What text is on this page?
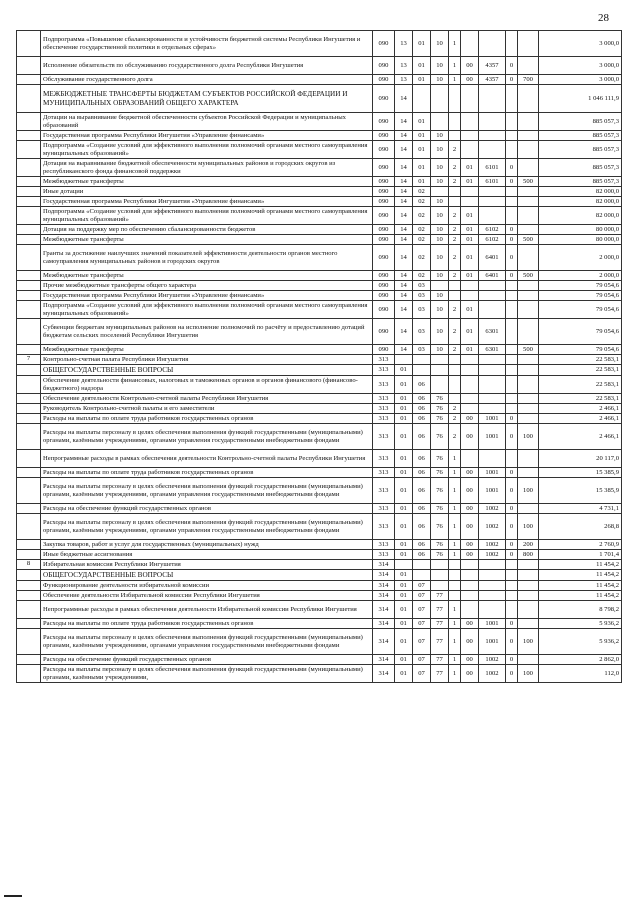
28
	Подпрограмма «Повышение сбалансированности и устойчивости бюджетной системы Республики Ингушетия и обеспечение государственной политики в отдельных сферах»	090	13	01	10	1					3 000,0
	Исполнение обязательств по обслуживанию государственного долга Республики Ингушетия	090	13	01	10	1	00	4357	0		3 000,0
	Обслуживание государственного долга	090	13	01	10	1	00	4357	0	700	3 000,0
	МЕЖБЮДЖЕТНЫЕ ТРАНСФЕРТЫ БЮДЖЕТАМ СУБЪЕКТОВ РОССИЙСКОЙ ФЕДЕРАЦИИ И МУНИЦИПАЛЬНЫХ ОБРАЗОВАНИЙ ОБЩЕГО ХАРАКТЕРА	090	14								1 046 111,9
	Дотации на выравнивание бюджетной обеспеченности субъектов Российской Федерации и муниципальных образований	090	14	01							885 057,3
	Государственная программа Республики Ингушетия «Управление финансами»	090	14	01	10						885 057,3
	Подпрограмма «Создание условий для эффективного выполнения полномочий органами местного самоуправления муниципальных образований»	090	14	01	10	2					885 057,3
	Дотация на выравнивание бюджетной обеспеченности муниципальных районов и городских округов из республиканского фонда финансовой поддержки	090	14	01	10	2	01	6101	0		885 057,3
	Межбюджетные трансферты	090	14	01	10	2	01	6101	0	500	885 057,3
	Иные дотации	090	14	02							82 000,0
	Государственная программа Республики Ингушетия «Управление финансами»	090	14	02	10						82 000,0
	Подпрограмма «Создание условий для эффективного выполнения полномочий органами местного самоуправления муниципальных образований»	090	14	02	10	2	01				82 000,0
	Дотация на поддержку мер по обеспечению сбалансированности бюджетов	090	14	02	10	2	01	6102	0		80 000,0
	Межбюджетные трансферты	090	14	02	10	2	01	6102	0	500	80 000,0
	Гранты за достижение наилучших значений показателей эффективности деятельности органов местного самоуправления муниципальных районов и городских округов	090	14	02	10	2	01	6401	0		2 000,0
	Межбюджетные трансферты	090	14	02	10	2	01	6401	0	500	2 000,0
	Прочие межбюджетные трансферты общего характера	090	14	03							79 054,6
	Государственная программа Республики Ингушетия «Управление финансами»	090	14	03	10						79 054,6
	Подпрограмма «Создание условий для эффективного выполнения полномочий органами местного самоуправления муниципальных образований»	090	14	03	10	2	01				79 054,6
	Субвенции бюджетам муниципальных районов на исполнение полномочий по расчёту и предоставлению дотаций бюджетам сельских поселений Республики Ингушетия	090	14	03	10	2	01	6301			79 054,6
	Межбюджетные трансферты	090	14	03	10	2	01	6301		500	79 054,6
7	Контрольно-счетная палата Республики Ингушетия	313									22 583,1
	ОБЩЕГОСУДАРСТВЕННЫЕ ВОПРОСЫ	313	01								22 583,1
	Обеспечение деятельности финансовых, налоговых и таможенных органов и органов финансового (финансово-бюджетного) надзора	313	01	06							22 583,1
	Обеспечение деятельности Контрольно-счетной палаты Республики Ингушетия	313	01	06	76						22 583,1
	Руководитель Контрольно-счетной палаты и его заместители	313	01	06	76	2					2 466,1
	Расходы на выплаты по оплате труда работников государственных органов	313	01	06	76	2	00	1001	0		2 466,1
	Расходы на выплаты персоналу в целях обеспечения выполнения функций государственными (муниципальными) органами, казёнными учреждениями, органами управления государственными внебюджетными фондами	313	01	06	76	2	00	1001	0	100	2 466,1
	Непрограммные расходы в рамках обеспечения деятельности Контрольно-счетной палаты Республики Ингушетия	313	01	06	76	1					20 117,0
	Расходы на выплаты по оплате труда работников государственных органов	313	01	06	76	1	00	1001	0		15 385,9
	Расходы на выплаты персоналу в целях обеспечения выполнения функций государственными (муниципальными) органами, казёнными учреждениями, органами управления государственными внебюджетными фондами	313	01	06	76	1	00	1001	0	100	15 385,9
	Расходы на обеспечение функций государственных органов	313	01	06	76	1	00	1002	0		4 731,1
	Расходы на выплаты персоналу в целях обеспечения выполнения функций государственными (муниципальными) органами, казёнными учреждениями, органами управления государственными внебюджетными фондами	313	01	06	76	1	00	1002	0	100	268,8
	Закупка товаров, работ и услуг для государственных (муниципальных) нужд	313	01	06	76	1	00	1002	0	200	2 760,9
	Иные бюджетные ассигнования	313	01	06	76	1	00	1002	0	800	1 701,4
8	Избирательная комиссия Республики Ингушетия	314									11 454,2
	ОБЩЕГОСУДАРСТВЕННЫЕ ВОПРОСЫ	314	01								11 454,2
	Функционирование деятельности избирательной комиссии	314	01	07							11 454,2
	Обеспечение деятельности Избирательной комиссии Республики Ингушетия	314	01	07	77						11 454,2
	Непрограммные расходы в рамках обеспечения деятельности Избирательной комиссии Республики Ингушетия	314	01	07	77	1					8 798,2
	Расходы на выплаты по оплате труда работников государственных органов	314	01	07	77	1	00	1001	0		5 936,2
	Расходы на выплаты персоналу в целях обеспечения выполнения функций государственными (муниципальными) органами, казёнными учреждениями, органами управления государственными внебюджетными фондами	314	01	07	77	1	00	1001	0	100	5 936,2
	Расходы на обеспечение функций государственных органов	314	01	07	77	1	00	1002	0		2 862,0
	Расходы на выплаты персоналу в целях обеспечения выполнения функций государственными (муниципальными) органами, казёнными учреждениями,	314	01	07	77	1	00	1002	0	100	112,0
